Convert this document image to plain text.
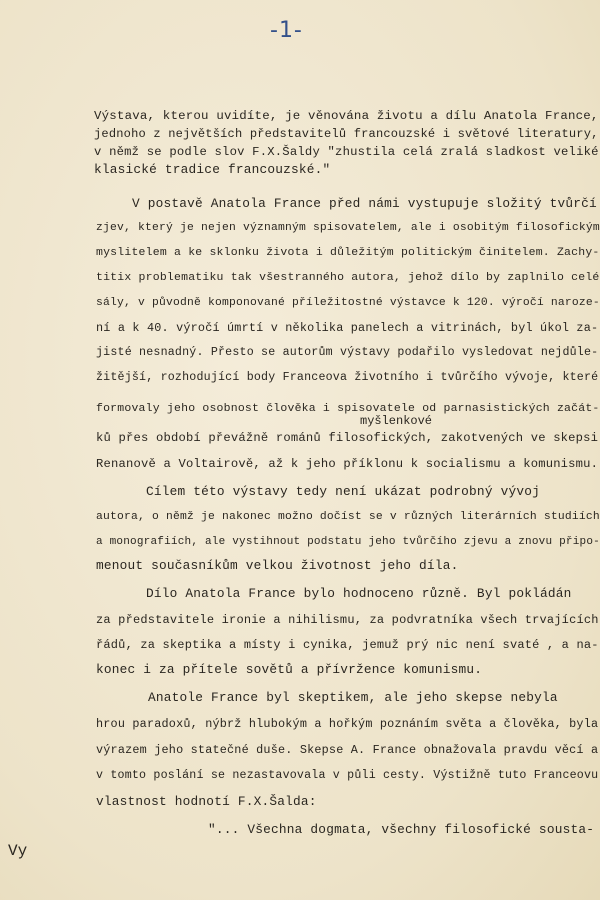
-1-
Výstava, kterou uvidíte, je věnována životu a dílu Anatola France,
jednoho z největších představitelů francouzské i světové literatury,
v němž se podle slov F.X.Šaldy "zhustila celá zralá sladkost veliké
klasické tradice francouzské."
V postavě Anatola France před námi vystupuje složitý tvůrčí
zjev, který je nejen významným spisovatelem, ale i osobitým filosofickým
myslitelem a ke sklonku života i důležitým politickým činitelem. Zachy-
titix problematiku tak všestranného autora, jehož dílo by zaplnilo celé
sály, v původně komponované příležitostné výstavce k 120. výročí narozе-
ní a k 40. výročí úmrtí v několika panelech a vitrinách, byl úkol za-
jisté nesnadný. Přesto se autorům výstavy podařilo vysledovat nejdůle-
žitější, rozhodující body Franceova životního i tvůrčího vývoje, které
formovaly jeho osobnost člověka i spisovatele od parnasistických začát-
myšlenkové
ků přes období převážně románů filosofických, zakotvených ve skepsi
Renanově a Voltairově, až k jeho příklonu k socialismu a komunismu.
Cílem této výstavy tedy není ukázat podrobný vývoj
autora, o němž je nakonec možno dočíst se v různých literárních studiích
a monografiích, ale vystihnout podstatu jeho tvůrčího zjevu a znovu připo-
menout současníkům velkou životnost jeho díla.
Dílo Anatola France bylo hodnoceno různě. Byl pokládán
za představitele ironie a nihilismu, za podvratníka všech trvajících
řádů, za skeptika a místy i cynika, jemuž prý nic není svaté , a na-
konec i za přítele sovětů a přívržence komunismu.
Anatole France byl skeptikem, ale jeho skepse nebyla
hrou paradoxů, nýbrž hlubokým a hořkým poznáním světa a člověka, byla
výrazem jeho statečné duše. Skepse A. France obnažovala pravdu věcí a
v tomto poslání se nezastavovala v půli cesty. Výstižně tuto Franceovu
vlastnost hodnotí F.X.Šalda:
"... Všechna dogmata, všechny filosofické sousta-
Vy
